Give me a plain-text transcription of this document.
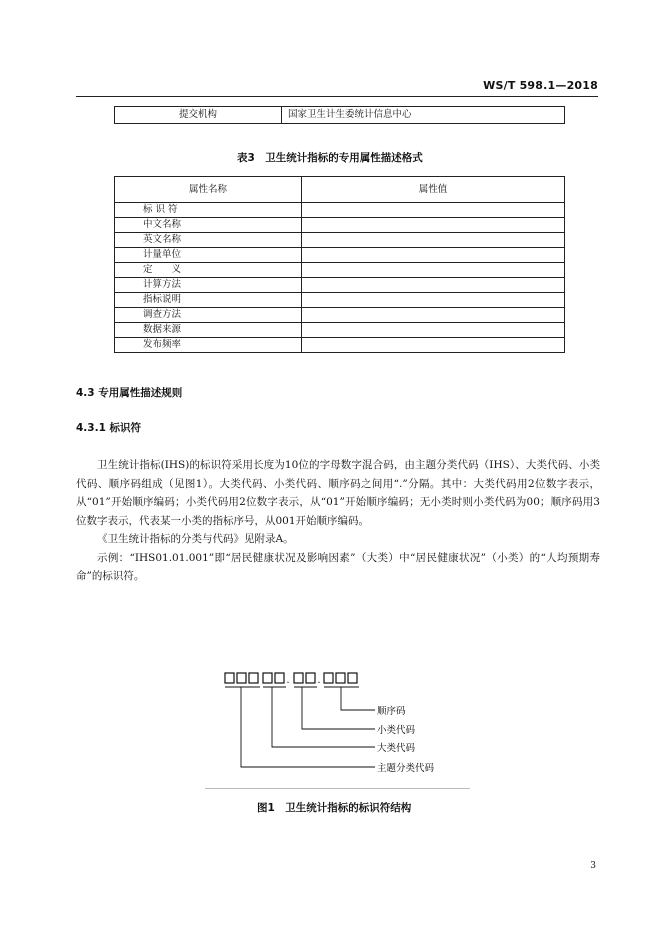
WS/T 598.1—2018
提交机构	国家卫生计生委统计信息中心
表3　卫生统计指标的专用属性描述格式
属性名称	属性值
标 识 符	
中文名称	
英文名称	
计量单位	
定　　义	
计算方法	
指标说明	
调查方法	
数据来源	
发布频率	
4.3 专用属性描述规则
4.3.1 标识符

卫生统计指标(IHS)的标识符采用长度为10位的字母数字混合码，由主题分类代码（IHS）、大类代码、小类代码、顺序码组成（见图1）。大类代码、小类代码、顺序码之间用“.”分隔。其中：大类代码用2位数字表示，从“01”开始顺序编码；小类代码用2位数字表示，从“01”开始顺序编码；无小类时则小类代码为00；顺序码用3位数字表示，代表某一小类的指标序号，从001开始顺序编码。

《卫生统计指标的分类与代码》见附录A。

示例：“IHS01.01.001”即“居民健康状况及影响因素”（大类）中“居民健康状况”（小类）的“人均预期寿命”的标识符。

.	.
顺序码
小类代码
大类代码
主题分类代码
图1　卫生统计指标的标识符结构
3
